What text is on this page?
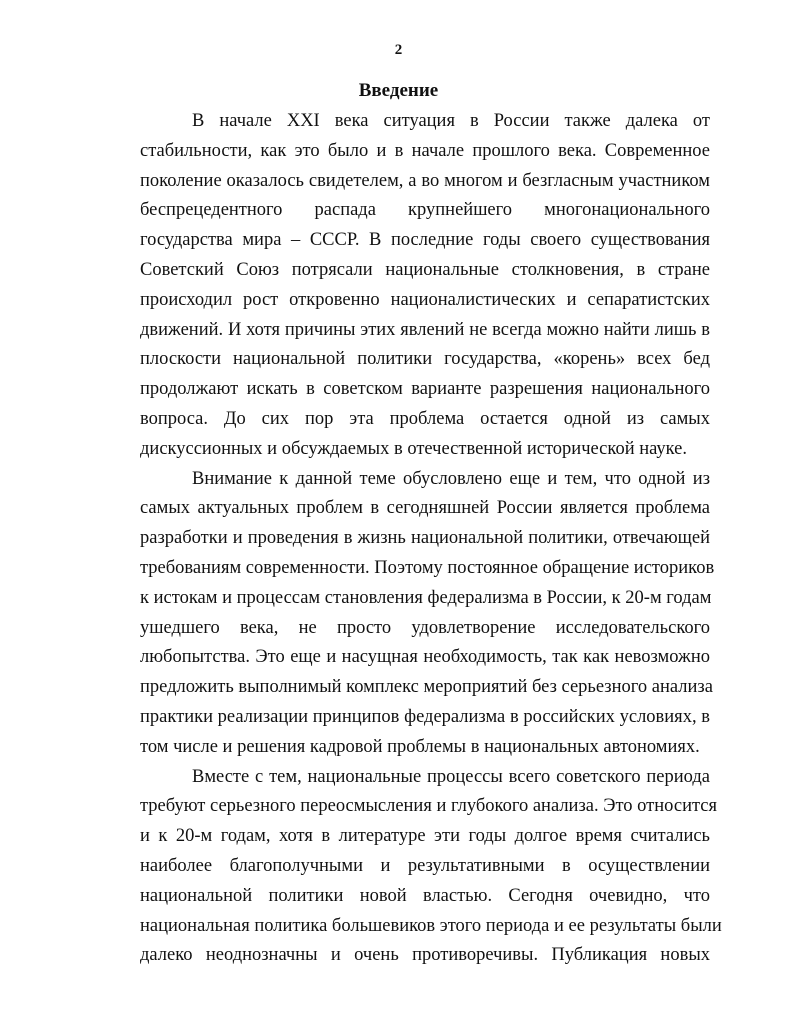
2
Введение
В начале XXI века ситуация в России также далека от
стабильности, как это было и в начале прошлого века. Современное
поколение оказалось свидетелем, а во многом и безгласным участником
беспрецедентного распада крупнейшего многонационального
государства мира – СССР. В последние годы своего существования
Советский Союз потрясали национальные столкновения, в стране
происходил рост откровенно националистических и сепаратистских
движений. И хотя причины этих явлений не всегда можно найти лишь в
плоскости национальной политики государства, «корень» всех бед
продолжают искать в советском варианте разрешения национального
вопроса. До сих пор эта проблема остается одной из самых
дискуссионных и обсуждаемых в отечественной исторической науке.
Внимание к данной теме обусловлено еще и тем, что одной из
самых актуальных проблем в сегодняшней России является проблема
разработки и проведения в жизнь национальной политики, отвечающей
требованиям современности. Поэтому постоянное обращение историков
к истокам и процессам становления федерализма в России, к 20-м годам
ушедшего века, не просто удовлетворение исследовательского
любопытства. Это еще и насущная необходимость, так как невозможно
предложить выполнимый комплекс мероприятий без серьезного анализа
практики реализации принципов федерализма в российских условиях, в
том числе и решения кадровой проблемы в национальных автономиях.
Вместе с тем, национальные процессы всего советского периода
требуют серьезного переосмысления и глубокого анализа. Это относится
и к 20-м годам, хотя в литературе эти годы долгое время считались
наиболее благополучными и результативными в осуществлении
национальной политики новой властью. Сегодня очевидно, что
национальная политика большевиков этого периода и ее результаты были
далеко неоднозначны и очень противоречивы. Публикация новых
